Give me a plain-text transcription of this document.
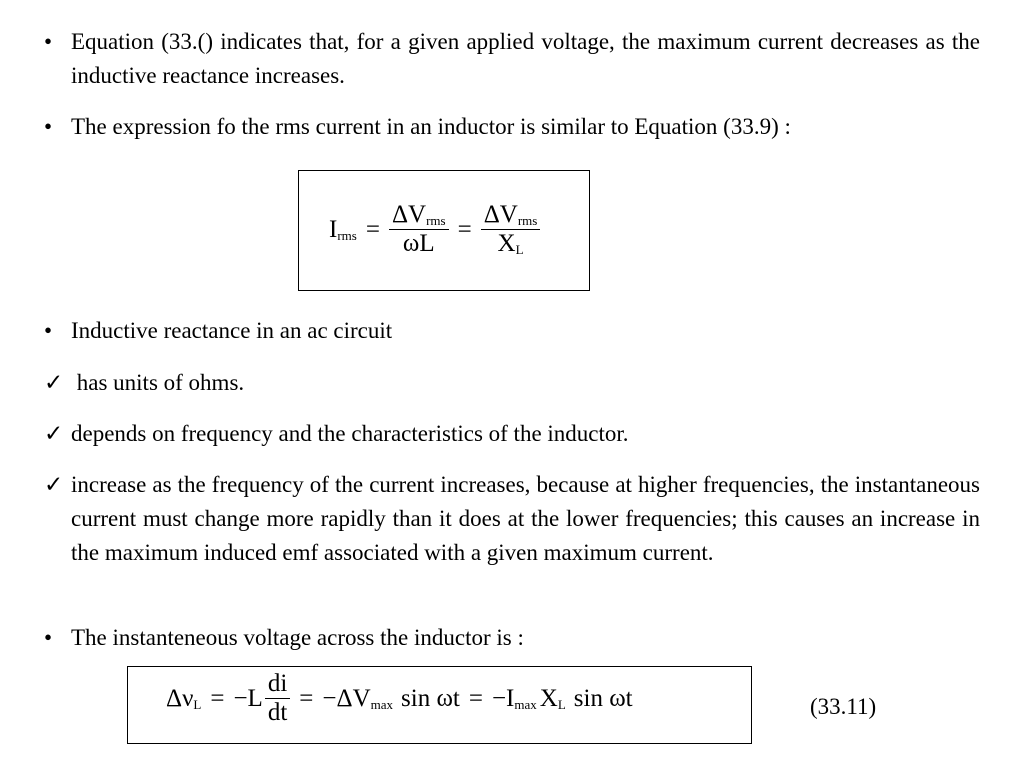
• Equation (33.() indicates that, for a given applied voltage, the maximum current decreases as the inductive reactance increases.
• The expression fo the rms current in an inductor is similar to Equation (33.9) :
$I_{rms} = \frac{\Delta V_{rms}}{\omega L} = \frac{\Delta V_{rms}}{X_L}$
• Inductive reactance in an ac circuit
✓ has units of ohms.
✓ depends on frequency and the characteristics of the inductor.
✓ increase as the frequency of the current increases, because at higher frequencies, the instantaneous current must change more rapidly than it does at the lower frequencies; this causes an increase in the maximum induced emf associated with a given maximum current.
• The instanteneous voltage across the inductor is :
$\Delta\nu_L = -L \frac{di}{dt} = -\Delta V_{max}$ $\sin \omega t = -I_{max}$ $X_L$ sin ωt	(33.11)
